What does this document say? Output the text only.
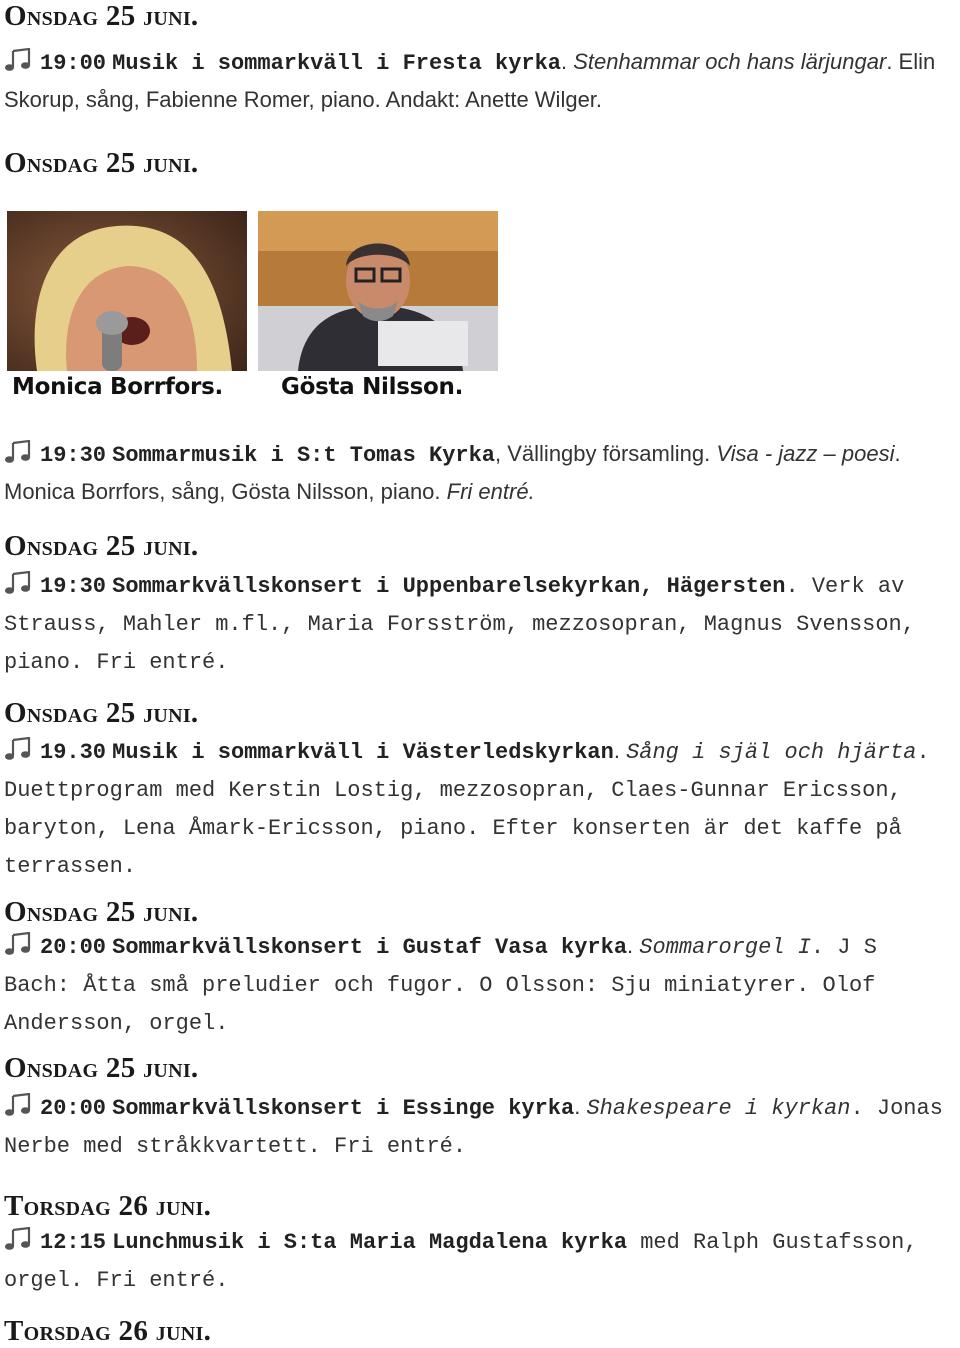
Onsdag 25 juni.

19:00 Musik i sommarkväll i Fresta kyrka. Stenhammar och hans lärjungar. Elin Skorup, sång, Fabienne Romer, piano. Andakt: Anette Wilger.

Onsdag 25 juni.

Monica Borrfors.	Gösta Nilsson.

19:30 Sommarmusik i S:t Tomas Kyrka, Vällingby församling. Visa - jazz – poesi. Monica Borrfors, sång, Gösta Nilsson, piano. Fri entré.

Onsdag 25 juni.

19:30 Sommarkvällskonsert i Uppenbarelsekyrkan, Hägersten. Verk av Strauss, Mahler m.fl., Maria Forsström, mezzosopran, Magnus Svensson, piano. Fri entré.

Onsdag 25 juni.

19.30 Musik i sommarkväll i Västerledskyrkan. Sång i själ och hjärta. Duettprogram med Kerstin Lostig, mezzosopran, Claes-Gunnar Ericsson, baryton, Lena Åmark-Ericsson, piano. Efter konserten är det kaffe på terrassen.

Onsdag 25 juni.

20:00 Sommarkvällskonsert i Gustaf Vasa kyrka. Sommarorgel I. J S Bach: Åtta små preludier och fugor. O Olsson: Sju miniatyrer. Olof Andersson, orgel.

Onsdag 25 juni.

20:00 Sommarkvällskonsert i Essinge kyrka. Shakespeare i kyrkan. Jonas Nerbe med stråkkvartett. Fri entré.

Torsdag 26 juni.

12:15 Lunchmusik i S:ta Maria Magdalena kyrka med Ralph Gustafsson, orgel. Fri entré.

Torsdag 26 juni.
